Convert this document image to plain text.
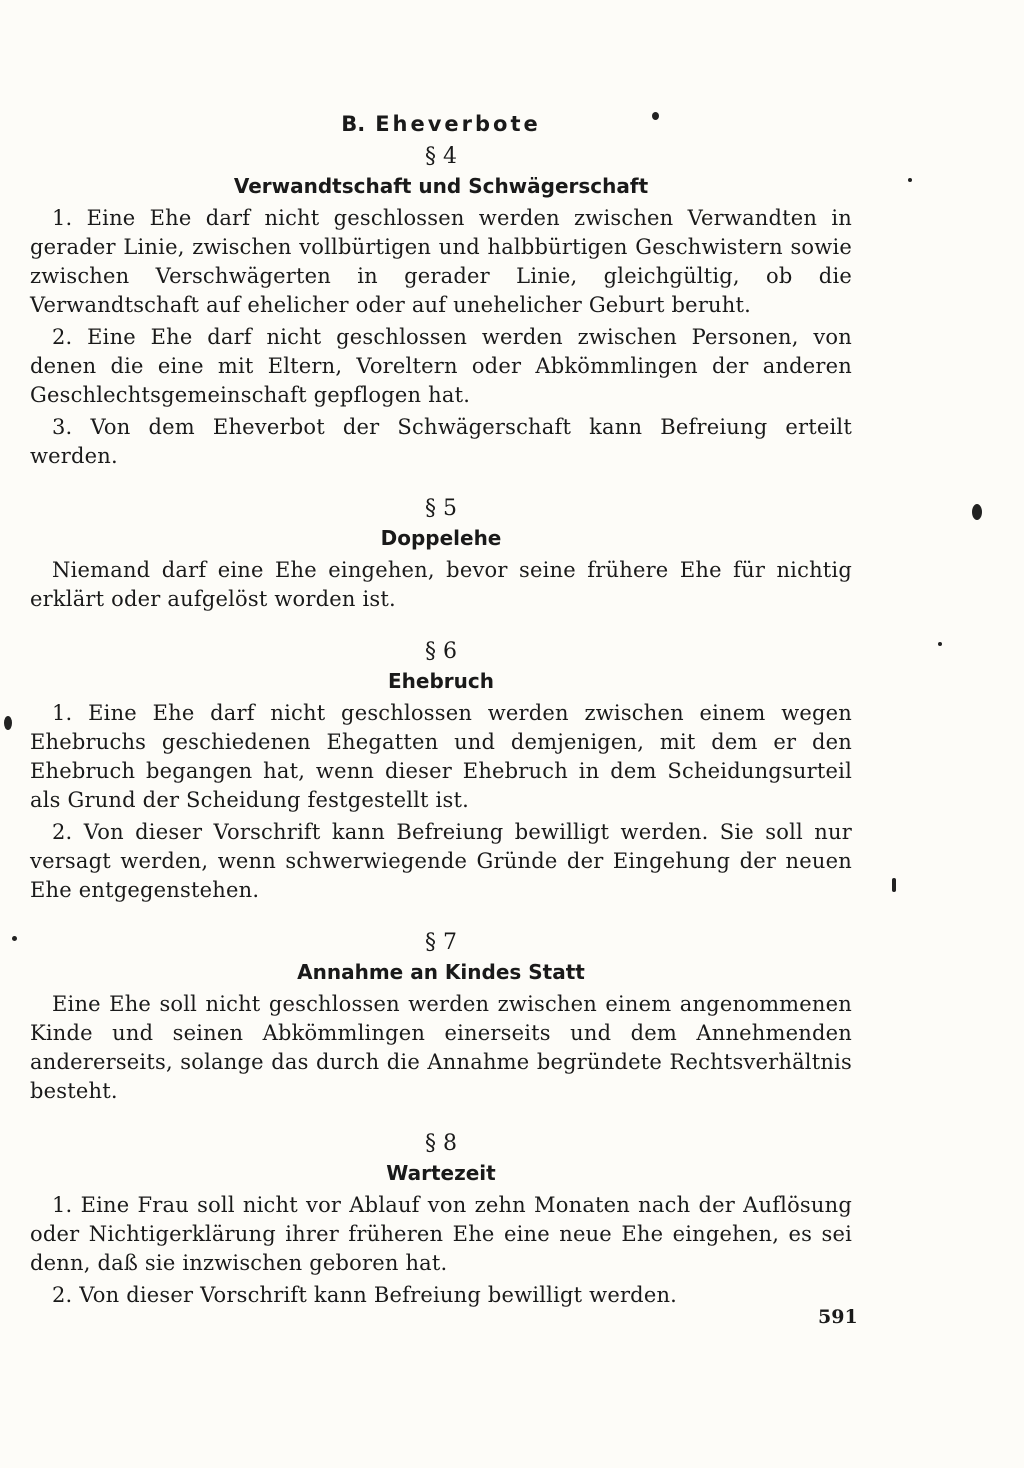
B. Eheverbote

§ 4

Verwandtschaft und Schwägerschaft

1. Eine Ehe darf nicht geschlossen werden zwischen Verwandten in gerader Linie, zwischen vollbürtigen und halbbürtigen Geschwistern sowie zwischen Verschwägerten in gerader Linie, gleichgültig, ob die Verwandtschaft auf ehelicher oder auf unehelicher Geburt beruht.

2. Eine Ehe darf nicht geschlossen werden zwischen Personen, von denen die eine mit Eltern, Voreltern oder Abkömmlingen der anderen Geschlechtsgemeinschaft gepflogen hat.

3. Von dem Eheverbot der Schwägerschaft kann Befreiung erteilt werden.

§ 5

Doppelehe

Niemand darf eine Ehe eingehen, bevor seine frühere Ehe für nichtig erklärt oder aufgelöst worden ist.

§ 6

Ehebruch

1. Eine Ehe darf nicht geschlossen werden zwischen einem wegen Ehebruchs geschiedenen Ehegatten und demjenigen, mit dem er den Ehebruch begangen hat, wenn dieser Ehebruch in dem Scheidungsurteil als Grund der Scheidung festgestellt ist.

2. Von dieser Vorschrift kann Befreiung bewilligt werden. Sie soll nur versagt werden, wenn schwerwiegende Gründe der Eingehung der neuen Ehe entgegenstehen.

§ 7

Annahme an Kindes Statt

Eine Ehe soll nicht geschlossen werden zwischen einem angenommenen Kinde und seinen Abkömmlingen einerseits und dem Annehmenden andererseits, solange das durch die Annahme begründete Rechtsverhältnis besteht.

§ 8

Wartezeit

1. Eine Frau soll nicht vor Ablauf von zehn Monaten nach der Auflösung oder Nichtigerklärung ihrer früheren Ehe eine neue Ehe eingehen, es sei denn, daß sie inzwischen geboren hat.

2. Von dieser Vorschrift kann Befreiung bewilligt werden.

591
